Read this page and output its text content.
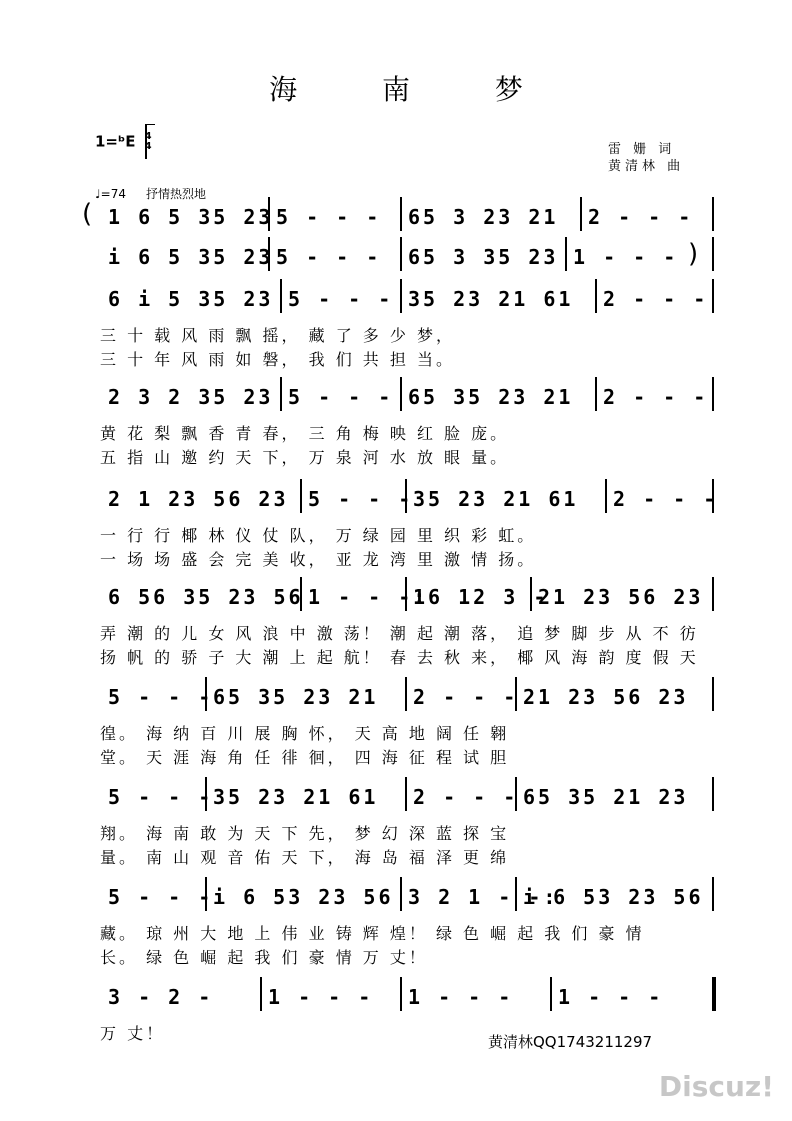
海 南 梦
1=ᵇE 4
4	雷 姗 词
黄清林 曲
♩=74 抒情热烈地
1 6 5 35 23 5 - - - 65 3 23 21 2 - - -
(
i 6 5 35 23 5 - - - 65 3 35 23 1 - - - )
6 i 5 35 23 5 - - - 35 23 21 61 2 - - -
三 十 载 风 雨 飘 摇， 藏 了 多 少 梦，
三 十 年 风 雨 如 磐， 我 们 共 担 当。
2 3 2 35 23 5 - - - 65 35 23 21 2 - - -
黄 花 梨 飘 香 青 春， 三 角 梅 映 红 脸 庞。
五 指 山 邀 约 天 下， 万 泉 河 水 放 眼 量。
2 1 23 56 23 5 - - - 35 23 21 61 2 - - -
一 行 行 椰 林 仪 仗 队， 万 绿 园 里 织 彩 虹。
一 场 场 盛 会 完 美 收， 亚 龙 湾 里 激 情 扬。
6 56 35 23 56 1 - - -:
16 12 3 -
21 23 56 23
弄 潮 的 儿 女 风 浪 中 激 荡！ 潮 起 潮 落， 追 梦 脚 步 从 不 彷
扬 帆 的 骄 子 大 潮 上 起 航！ 春 去 秋 来， 椰 风 海 韵 度 假 天
5 - - - 65 35 23 21 2 - - - 21 23 56 23
徨。 海 纳 百 川 展 胸 怀， 天 高 地 阔 任 翱
堂。 天 涯 海 角 任 徘 徊， 四 海 征 程 试 胆
5 - - - 35 23 21 61 2 - - - 65 35 21 23
翔。 海 南 敢 为 天 下 先， 梦 幻 深 蓝 探 宝
量。 南 山 观 音 佑 天 下， 海 岛 福 泽 更 绵
5 - - - i 6 53 23 56 3 2 1 - -:
i 6 53 23 56
藏。 琼 州 大 地 上 伟 业 铸 辉 煌！ 绿 色 崛 起 我 们 豪 情
长。 绿 色 崛 起 我 们 豪 情 万 丈！
3 - 2 -	1 - - - 1 - - - 1 - - -
万 丈！	黄清林QQ1743211297
Discuz!
